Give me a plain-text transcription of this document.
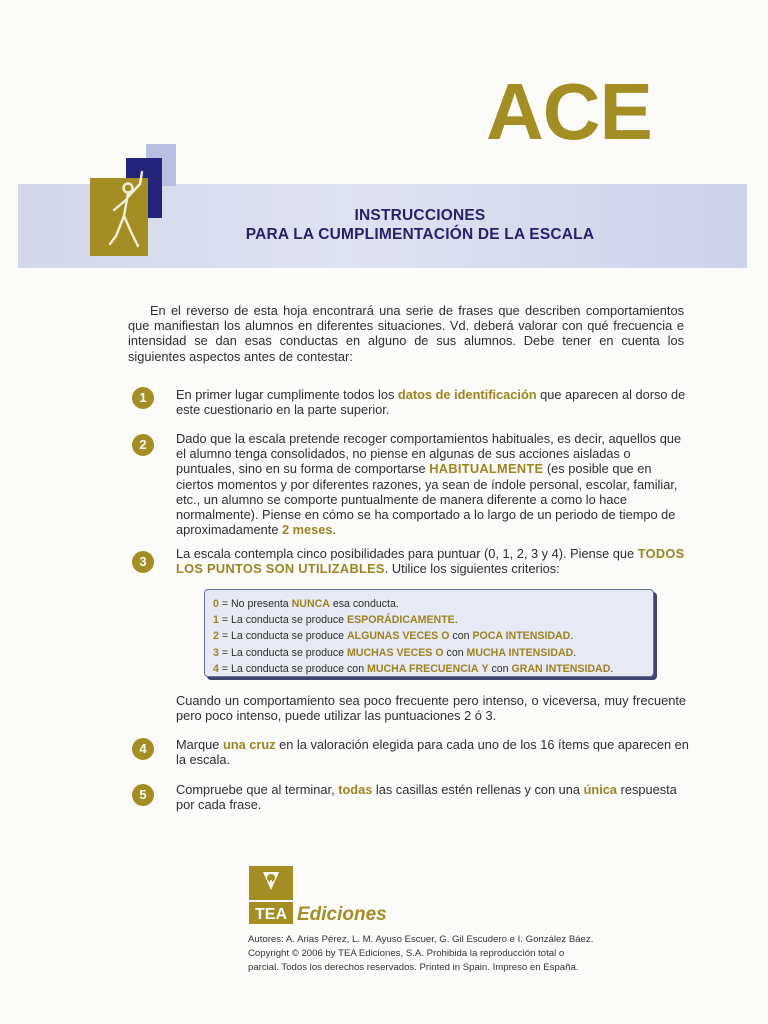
ACE
INSTRUCCIONES
PARA LA CUMPLIMENTACIÓN DE LA ESCALA
En el reverso de esta hoja encontrará una serie de frases que describen comportamientos que manifiestan los alumnos en diferentes situaciones. Vd. deberá valorar con qué frecuencia e intensidad se dan esas conductas en alguno de sus alumnos. Debe tener en cuenta los siguientes aspectos antes de contestar:
1	En primer lugar cumplimente todos los datos de identificación que aparecen al dorso de este cuestionario en la parte superior.
2	Dado que la escala pretende recoger comportamientos habituales, es decir, aquellos que el alumno tenga consolidados, no piense en algunas de sus acciones aisladas o puntuales, sino en su forma de comportarse HABITUALMENTE (es posible que en ciertos momentos y por diferentes razones, ya sean de índole personal, escolar, familiar, etc., un alumno se comporte puntualmente de manera diferente a como lo hace normalmente). Piense en cómo se ha comportado a lo largo de un periodo de tiempo de aproximadamente 2 meses.
3
La escala contempla cinco posibilidades para puntuar (0, 1, 2, 3 y 4). Piense que TODOS LOS PUNTOS SON UTILIZABLES. Utilice los siguientes criterios:
0 = No presenta NUNCA esa conducta.
1 = La conducta se produce ESPORÁDICAMENTE.
2 = La conducta se produce ALGUNAS VECES O con POCA INTENSIDAD.
3 = La conducta se produce MUCHAS VECES O con MUCHA INTENSIDAD.
4 = La conducta se produce con MUCHA FRECUENCIA Y con GRAN INTENSIDAD.
Cuando un comportamiento sea poco frecuente pero intenso, o viceversa, muy frecuente pero poco intenso, puede utilizar las puntuaciones 2 ó 3.
4	Marque una cruz en la valoración elegida para cada uno de los 16 ítems que aparecen en la escala.
5	Compruebe que al terminar, todas las casillas estén rellenas y con una única respuesta por cada frase.
TEA Ediciones
Autores: A. Arias Pérez, L. M. Ayuso Escuer, G. Gil Escudero e I. González Báez.
Copyright © 2006 by TEA Ediciones, S.A. Prohibida la reproducción total o
parcial. Todos los derechos reservados. Printed in Spain. Impreso en España.
